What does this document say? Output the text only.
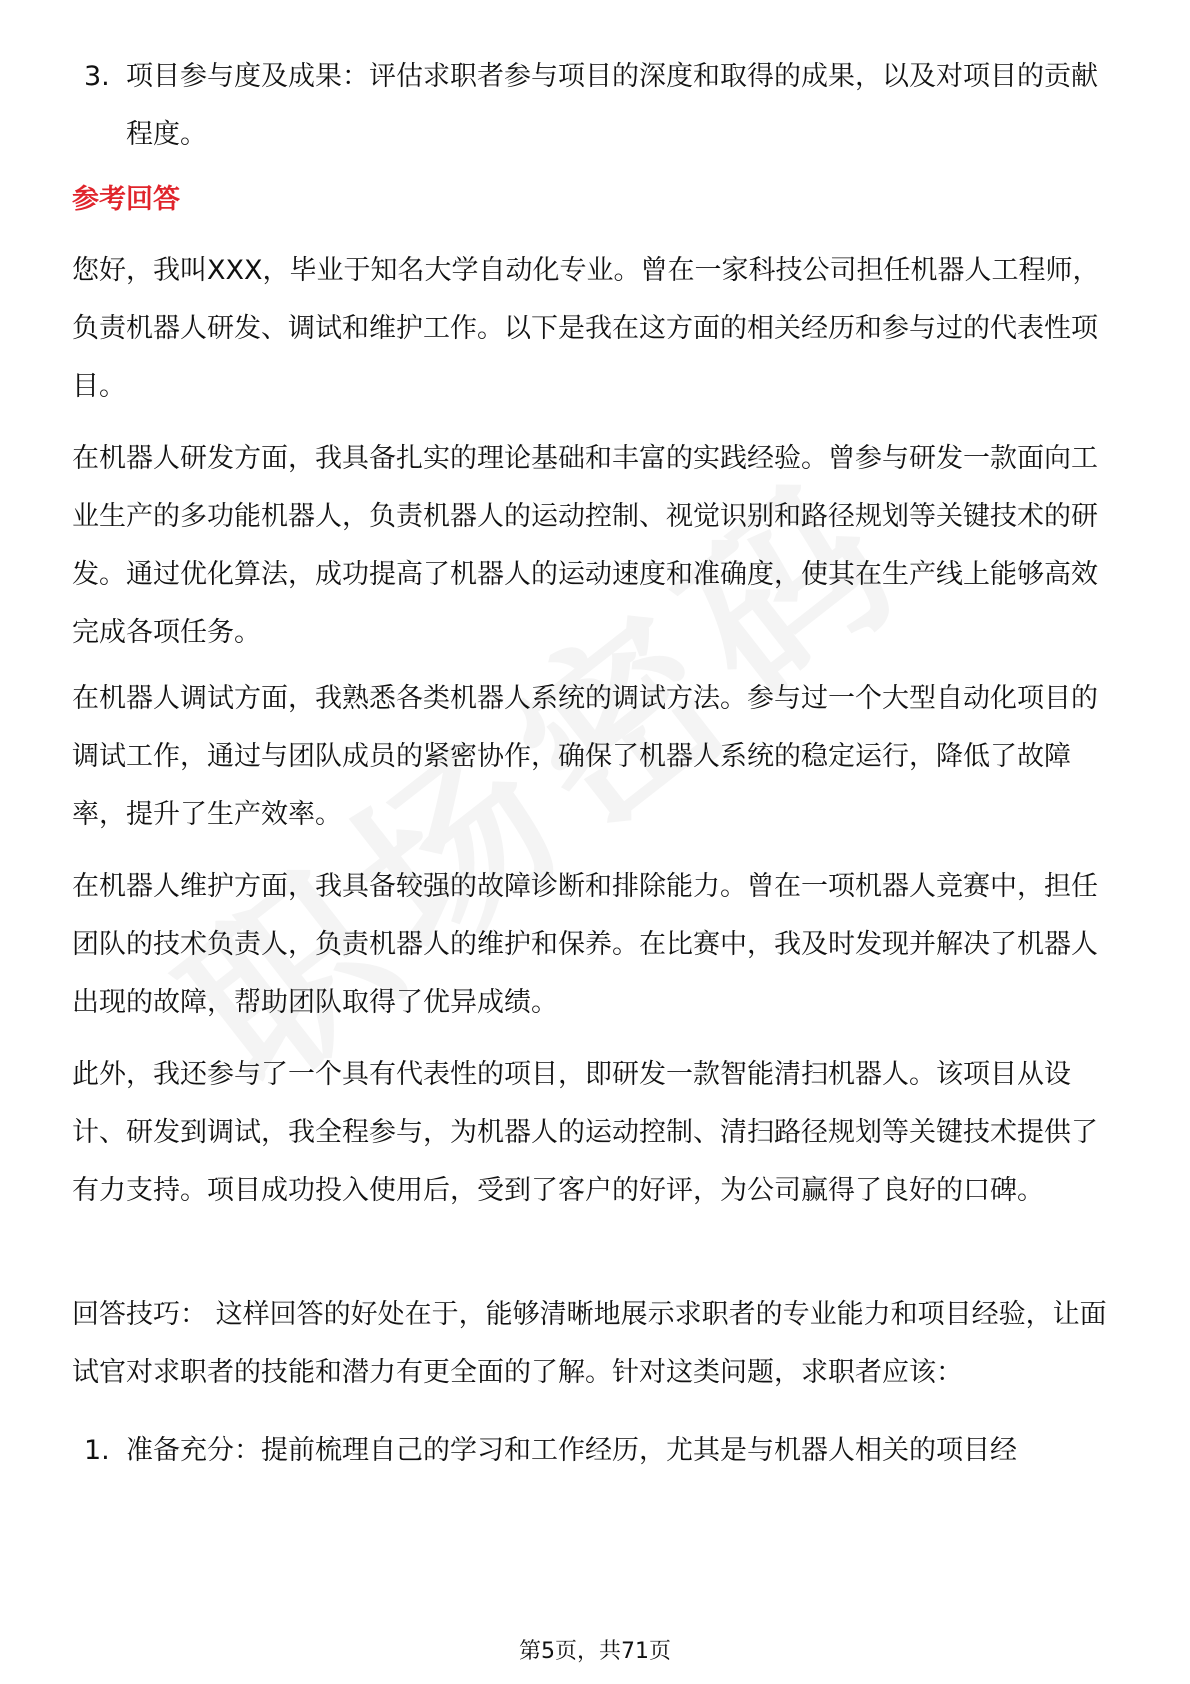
3. 项目参与度及成果：评估求职者参与项目的深度和取得的成果，以及对项目的贡献程度。
参考回答
您好，我叫XXX，毕业于知名大学自动化专业。曾在一家科技公司担任机器人工程师，负责机器人研发、调试和维护工作。以下是我在这方面的相关经历和参与过的代表性项目。
在机器人研发方面，我具备扎实的理论基础和丰富的实践经验。曾参与研发一款面向工业生产的多功能机器人，负责机器人的运动控制、视觉识别和路径规划等关键技术的研发。通过优化算法，成功提高了机器人的运动速度和准确度，使其在生产线上能够高效完成各项任务。
在机器人调试方面，我熟悉各类机器人系统的调试方法。参与过一个大型自动化项目的调试工作，通过与团队成员的紧密协作，确保了机器人系统的稳定运行，降低了故障率，提升了生产效率。
在机器人维护方面，我具备较强的故障诊断和排除能力。曾在一项机器人竞赛中，担任团队的技术负责人，负责机器人的维护和保养。在比赛中，我及时发现并解决了机器人出现的故障，帮助团队取得了优异成绩。
此外，我还参与了一个具有代表性的项目，即研发一款智能清扫机器人。该项目从设计、研发到调试，我全程参与，为机器人的运动控制、清扫路径规划等关键技术提供了有力支持。项目成功投入使用后，受到了客户的好评，为公司赢得了良好的口碑。
回答技巧： 这样回答的好处在于，能够清晰地展示求职者的专业能力和项目经验，让面试官对求职者的技能和潜力有更全面的了解。针对这类问题，求职者应该：
1. 准备充分：提前梳理自己的学习和工作经历，尤其是与机器人相关的项目经
第5页，共71页
